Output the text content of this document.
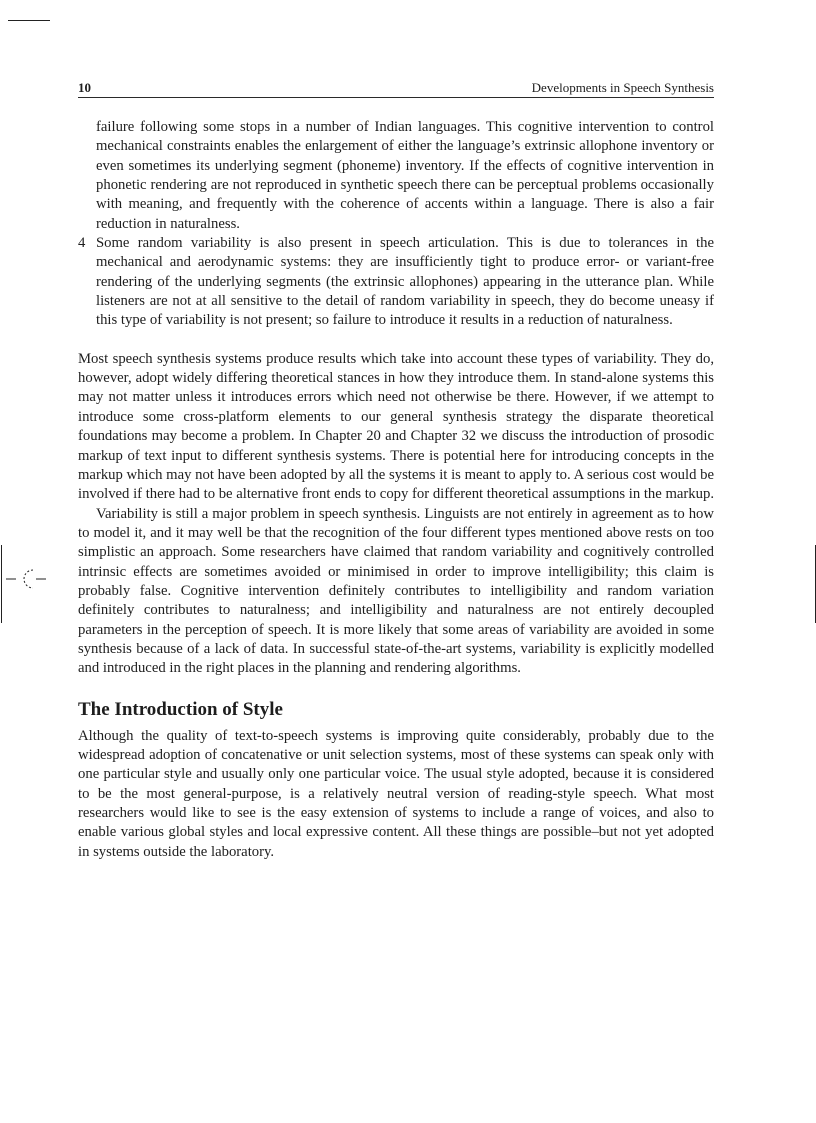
10	Developments in Speech Synthesis

failure following some stops in a number of Indian languages. This cognitive intervention to control mechanical constraints enables the enlargement of either the language’s extrinsic allophone inventory or even sometimes its underlying segment (phoneme) inventory. If the effects of cognitive intervention in phonetic rendering are not reproduced in synthetic speech there can be perceptual problems occasionally with meaning, and frequently with the coherence of accents within a language. There is also a fair reduction in naturalness.

4 Some random variability is also present in speech articulation. This is due to tolerances in the mechanical and aerodynamic systems: they are insufficiently tight to produce error- or variant-free rendering of the underlying segments (the extrinsic allophones) appearing in the utterance plan. While listeners are not at all sensitive to the detail of random variability in speech, they do become uneasy if this type of variability is not present; so failure to introduce it results in a reduction of naturalness.

Most speech synthesis systems produce results which take into account these types of variability. They do, however, adopt widely differing theoretical stances in how they introduce them. In stand-alone systems this may not matter unless it introduces errors which need not otherwise be there. However, if we attempt to introduce some cross-platform elements to our general synthesis strategy the disparate theoretical foundations may become a problem. In Chapter 20 and Chapter 32 we discuss the introduction of prosodic markup of text input to different synthesis systems. There is potential here for introducing concepts in the markup which may not have been adopted by all the systems it is meant to apply to. A serious cost would be involved if there had to be alternative front ends to copy for different theoretical assumptions in the markup.

Variability is still a major problem in speech synthesis. Linguists are not entirely in agreement as to how to model it, and it may well be that the recognition of the four different types mentioned above rests on too simplistic an approach. Some researchers have claimed that random variability and cognitively controlled intrinsic effects are sometimes avoided or minimised in order to improve intelligibility; this claim is probably false. Cognitive intervention definitely contributes to intelligibility and random variation definitely contributes to naturalness; and intelligibility and naturalness are not entirely decoupled parameters in the perception of speech. It is more likely that some areas of variability are avoided in some synthesis because of a lack of data. In successful state-of-the-art systems, variability is explicitly modelled and introduced in the right places in the planning and rendering algorithms.

The Introduction of Style

Although the quality of text-to-speech systems is improving quite considerably, probably due to the widespread adoption of concatenative or unit selection systems, most of these systems can speak only with one particular style and usually only one particular voice. The usual style adopted, because it is considered to be the most general-purpose, is a relatively neutral version of reading-style speech. What most researchers would like to see is the easy extension of systems to include a range of voices, and also to enable various global styles and local expressive content. All these things are possible–but not yet adopted in systems outside the laboratory.
